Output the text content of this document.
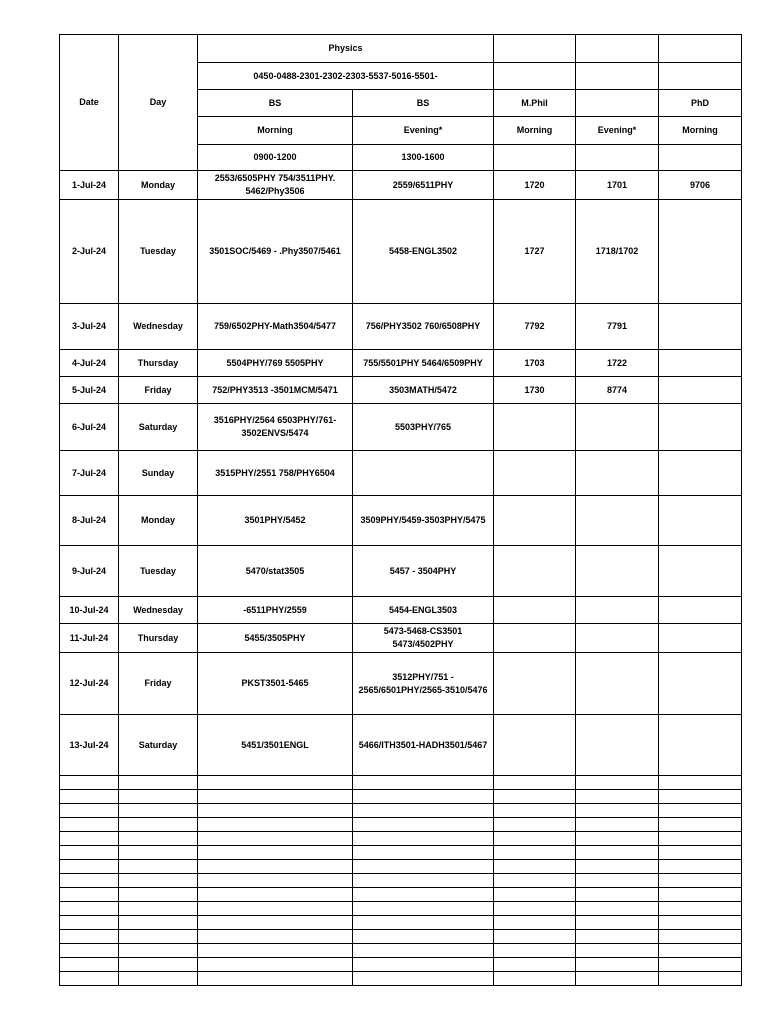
Date	Day	Physics				
		0450-0488-2301-2302-2303-5537-5016-5501-				
		BS	BS	M.Phil		PhD
		Morning	Evening*	Morning	Evening*	Morning
		0900-1200	1300-1600			
1-Jul-24	Monday	2553/6505PHY 754/3511PHY. 5462/Phy3506	2559/6511PHY	1720	1701	9706
2-Jul-24	Tuesday	3501SOC/5469 - .Phy3507/5461	5458-ENGL3502	1727	1718/1702	
3-Jul-24	Wednesday	759/6502PHY-Math3504/5477	756/PHY3502 760/6508PHY	7792	7791	
4-Jul-24	Thursday	5504PHY/769 5505PHY	755/5501PHY 5464/6509PHY	1703	1722	
5-Jul-24	Friday	752/PHY3513 -3501MCM/5471	3503MATH/5472	1730	8774	
6-Jul-24	Saturday	3516PHY/2564 6503PHY/761-3502ENVS/5474	5503PHY/765			
7-Jul-24	Sunday	3515PHY/2551 758/PHY6504				
8-Jul-24	Monday	3501PHY/5452	3509PHY/5459-3503PHY/5475			
9-Jul-24	Tuesday	5470/stat3505	5457 - 3504PHY			
10-Jul-24	Wednesday	-6511PHY/2559	5454-ENGL3503			
11-Jul-24	Thursday	5455/3505PHY	5473-5468-CS3501 5473/4502PHY			
12-Jul-24	Friday	PKST3501-5465	3512PHY/751 - 2565/6501PHY/2565-3510/5476			
13-Jul-24	Saturday	5451/3501ENGL	5466/ITH3501-HADH3501/5467			
